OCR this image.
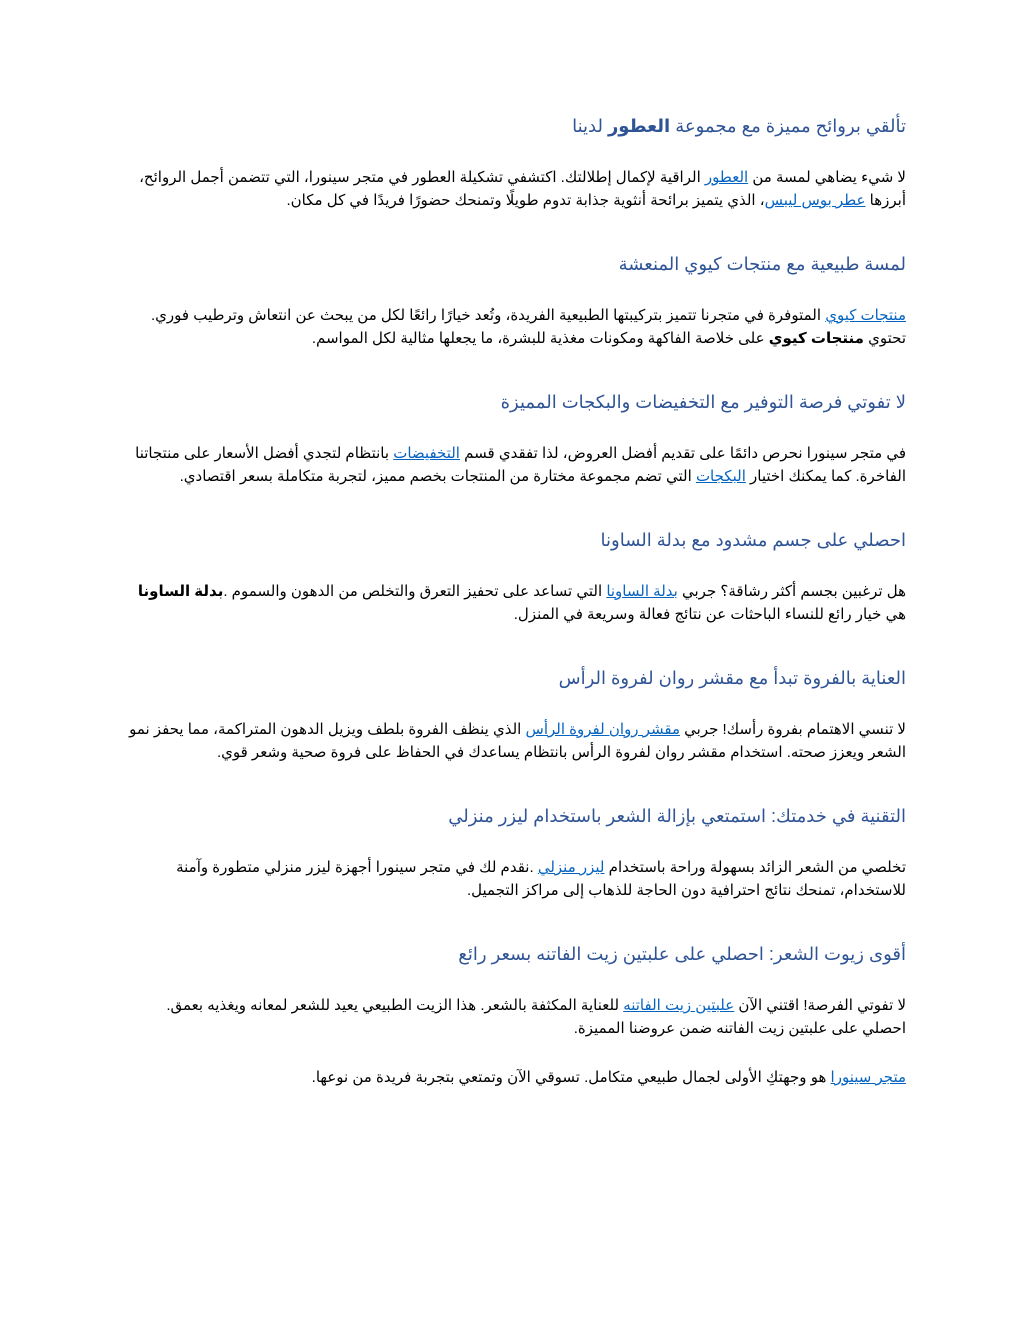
تألقي بروائح مميزة مع مجموعة العطور لدينا

لا شيء يضاهي لمسة من العطور الراقية لإكمال إطلالتك. اكتشفي تشكيلة العطور في متجر سينورا، التي تتضمن أجمل الروائح، أبرزها عطر بوس ليبس، الذي يتميز برائحة أنثوية جذابة تدوم طويلًا وتمنحك حضورًا فريدًا في كل مكان.

لمسة طبيعية مع منتجات كيوي المنعشة

منتجات كيوي المتوفرة في متجرنا تتميز بتركيبتها الطبيعية الفريدة، وتُعد خيارًا رائعًا لكل من يبحث عن انتعاش وترطيب فوري.
تحتوي منتجات كيوي على خلاصة الفاكهة ومكونات مغذية للبشرة، ما يجعلها مثالية لكل المواسم.

لا تفوتي فرصة التوفير مع التخفيضات والبكجات المميزة

في متجر سينورا نحرص دائمًا على تقديم أفضل العروض، لذا تفقدي قسم التخفيضات بانتظام لتجدي أفضل الأسعار على منتجاتنا الفاخرة. كما يمكنك اختيار البكجات التي تضم مجموعة مختارة من المنتجات بخصم مميز، لتجربة متكاملة بسعر اقتصادي.

احصلي على جسم مشدود مع بدلة الساونا

هل ترغبين بجسم أكثر رشاقة؟ جربي بدلة الساونا التي تساعد على تحفيز التعرق والتخلص من الدهون والسموم .بدلة الساونا هي خيار رائع للنساء الباحثات عن نتائج فعالة وسريعة في المنزل.

العناية بالفروة تبدأ مع مقشر روان لفروة الرأس

لا تنسي الاهتمام بفروة رأسك! جربي مقشر روان لفروة الرأس الذي ينظف الفروة بلطف ويزيل الدهون المتراكمة، مما يحفز نمو الشعر ويعزز صحته. استخدام مقشر روان لفروة الرأس بانتظام يساعدك في الحفاظ على فروة صحية وشعر قوي.

التقنية في خدمتك: استمتعي بإزالة الشعر باستخدام ليزر منزلي

تخلصي من الشعر الزائد بسهولة وراحة باستخدام ليزر منزلي .نقدم لك في متجر سينورا أجهزة ليزر منزلي متطورة وآمنة للاستخدام، تمنحك نتائج احترافية دون الحاجة للذهاب إلى مراكز التجميل.

أقوى زيوت الشعر: احصلي على علبتين زيت الفاتنه بسعر رائع

لا تفوتي الفرصة! اقتني الآن علبتين زيت الفاتنه للعناية المكثفة بالشعر. هذا الزيت الطبيعي يعيد للشعر لمعانه ويغذيه بعمق. احصلي على علبتين زيت الفاتنه ضمن عروضنا المميزة.

متجر سينورا هو وجهتكِ الأولى لجمال طبيعي متكامل. تسوقي الآن وتمتعي بتجربة فريدة من نوعها.
